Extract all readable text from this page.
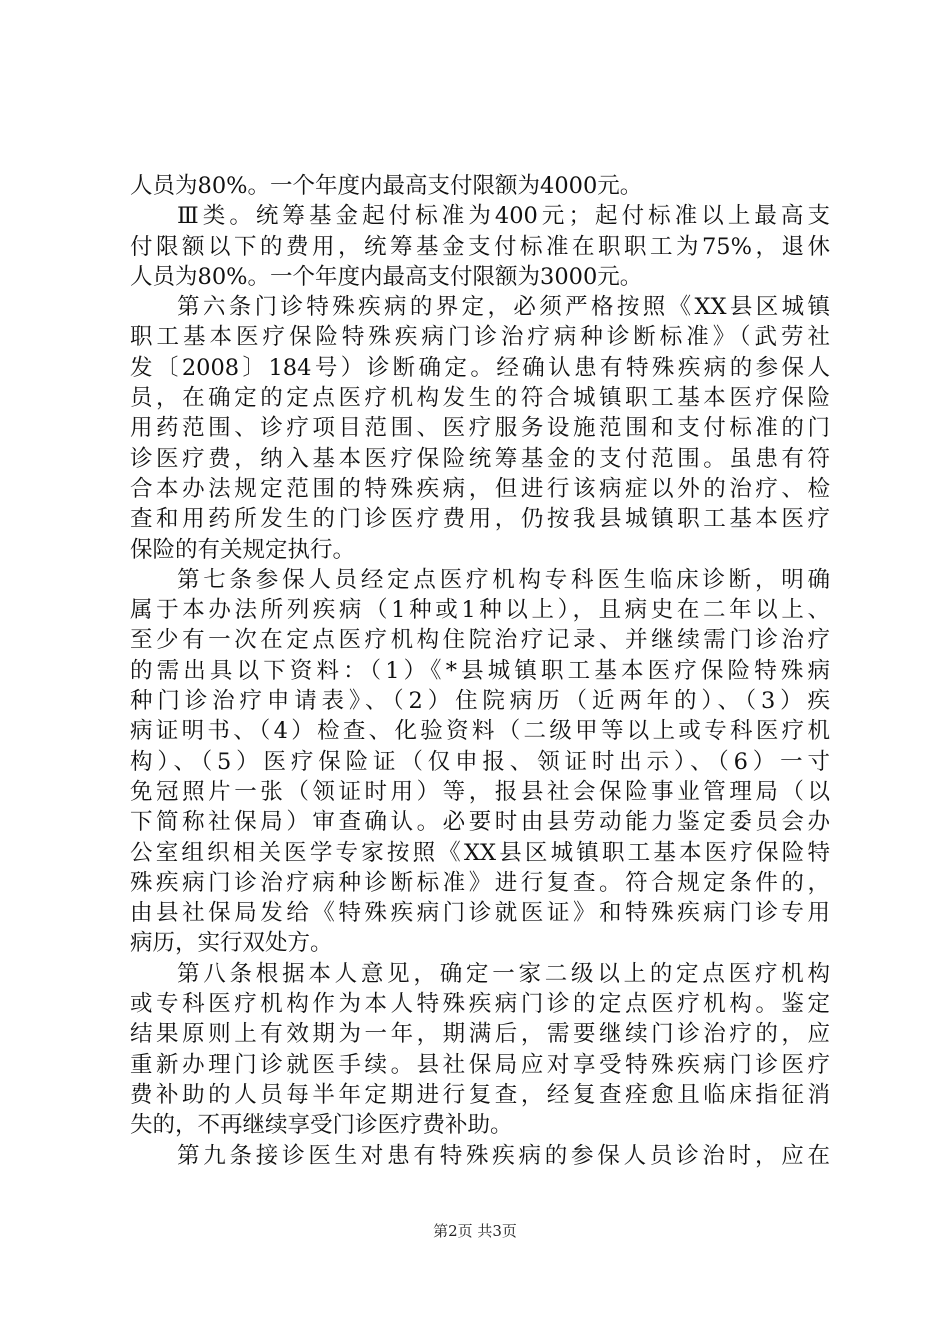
人员为80%。一个年度内最高支付限额为4000元。
Ⅲ类。统筹基金起付标准为400元；起付标准以上最高支
付限额以下的费用，统筹基金支付标准在职职工为75%，退休
人员为80%。一个年度内最高支付限额为3000元。
第六条门诊特殊疾病的界定，必须严格按照《XX县区城镇
职工基本医疗保险特殊疾病门诊治疗病种诊断标准》（武劳社
发〔2008〕184号）诊断确定。经确认患有特殊疾病的参保人
员，在确定的定点医疗机构发生的符合城镇职工基本医疗保险
用药范围、诊疗项目范围、医疗服务设施范围和支付标准的门
诊医疗费，纳入基本医疗保险统筹基金的支付范围。虽患有符
合本办法规定范围的特殊疾病，但进行该病症以外的治疗、检
查和用药所发生的门诊医疗费用，仍按我县城镇职工基本医疗
保险的有关规定执行。
第七条参保人员经定点医疗机构专科医生临床诊断，明确
属于本办法所列疾病（1种或1种以上），且病史在二年以上、
至少有一次在定点医疗机构住院治疗记录、并继续需门诊治疗
的需出具以下资料：（1）《*县城镇职工基本医疗保险特殊病
种门诊治疗申请表》、（2）住院病历（近两年的）、（3）疾
病证明书、（4）检查、化验资料（二级甲等以上或专科医疗机
构）、（5）医疗保险证（仅申报、领证时出示）、（6）一寸
免冠照片一张（领证时用）等，报县社会保险事业管理局（以
下简称社保局）审查确认。必要时由县劳动能力鉴定委员会办
公室组织相关医学专家按照《XX县区城镇职工基本医疗保险特
殊疾病门诊治疗病种诊断标准》进行复查。符合规定条件的，
由县社保局发给《特殊疾病门诊就医证》和特殊疾病门诊专用
病历，实行双处方。
第八条根据本人意见，确定一家二级以上的定点医疗机构
或专科医疗机构作为本人特殊疾病门诊的定点医疗机构。鉴定
结果原则上有效期为一年，期满后，需要继续门诊治疗的，应
重新办理门诊就医手续。县社保局应对享受特殊疾病门诊医疗
费补助的人员每半年定期进行复查，经复查痊愈且临床指征消
失的，不再继续享受门诊医疗费补助。
第九条接诊医生对患有特殊疾病的参保人员诊治时，应在
第2页 共3页
